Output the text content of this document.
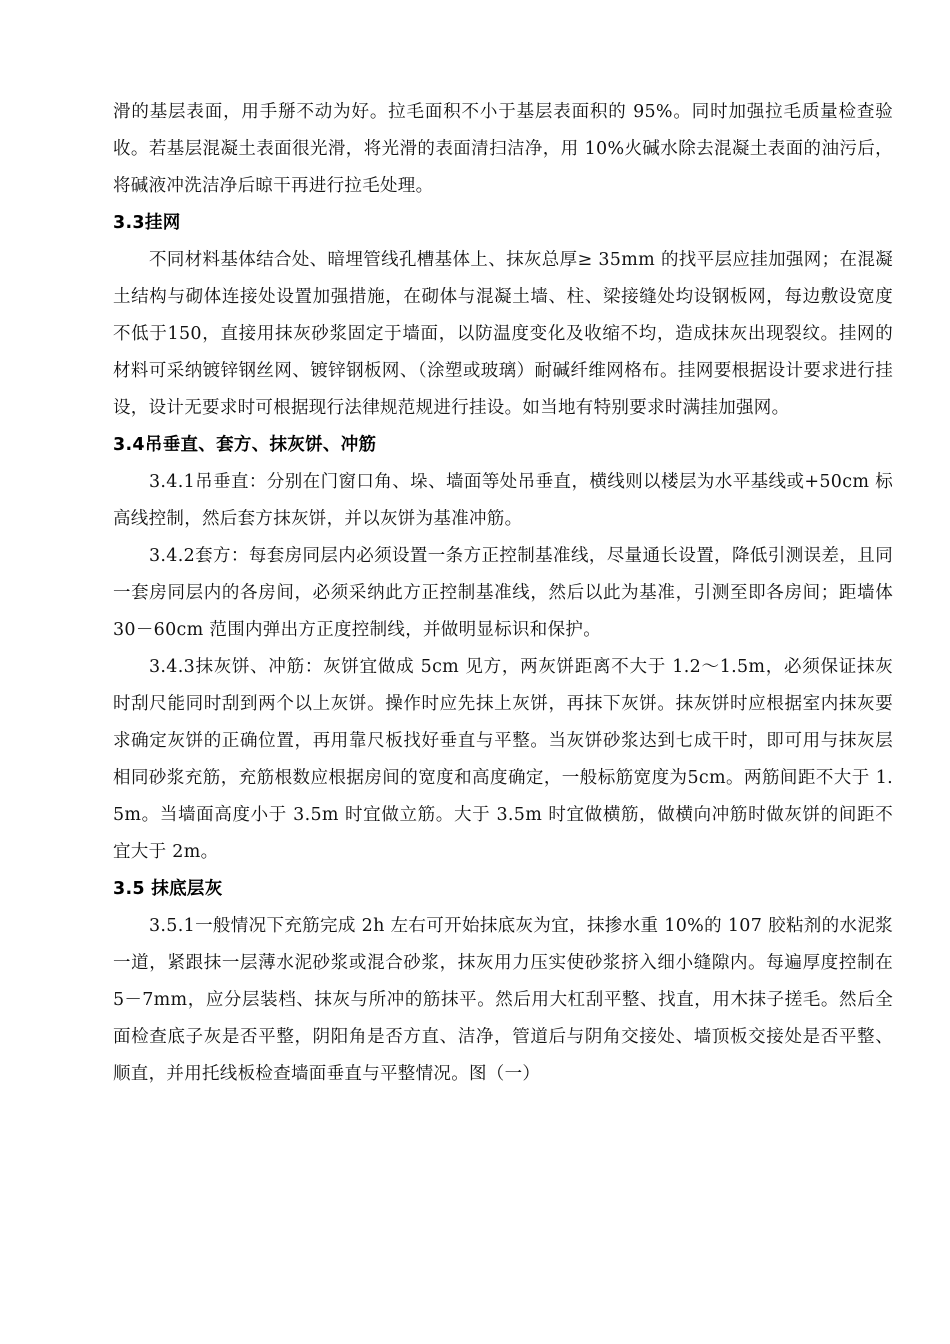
滑的基层表面，用手掰不动为好。拉毛面积不小于基层表面积的 95%。同时加强拉毛质量检查验收。若基层混凝土表面很光滑，将光滑的表面清扫洁净，用 10%火碱水除去混凝土表面的油污后，将碱液冲洗洁净后晾干再进行拉毛处理。

3.3挂网

不同材料基体结合处、暗埋管线孔槽基体上、抹灰总厚≥ 35mm 的找平层应挂加强网；在混凝土结构与砌体连接处设置加强措施，在砌体与混凝土墙、柱、梁接缝处均设钢板网，每边敷设宽度不低于150，直接用抹灰砂浆固定于墙面，以防温度变化及收缩不均，造成抹灰出现裂纹。挂网的材料可采纳镀锌钢丝网、镀锌钢板网、（涂塑或玻璃）耐碱纤维网格布。挂网要根据设计要求进行挂设，设计无要求时可根据现行法律规范规进行挂设。如当地有特别要求时满挂加强网。

3.4吊垂直、套方、抹灰饼、冲筋

3.4.1吊垂直：分别在门窗口角、垛、墙面等处吊垂直，横线则以楼层为水平基线或+50cm 标高线控制，然后套方抹灰饼，并以灰饼为基准冲筋。

3.4.2套方：每套房同层内必须设置一条方正控制基准线，尽量通长设置，降低引测误差，且同一套房同层内的各房间，必须采纳此方正控制基准线，然后以此为基准，引测至即各房间；距墙体 30－60cm 范围内弹出方正度控制线，并做明显标识和保护。

3.4.3抹灰饼、冲筋：灰饼宜做成 5cm 见方，两灰饼距离不大于 1.2～1.5m，必须保证抹灰时刮尺能同时刮到两个以上灰饼。操作时应先抹上灰饼，再抹下灰饼。抹灰饼时应根据室内抹灰要求确定灰饼的正确位置，再用靠尺板找好垂直与平整。当灰饼砂浆达到七成干时，即可用与抹灰层相同砂浆充筋，充筋根数应根据房间的宽度和高度确定，一般标筋宽度为5cm。两筋间距不大于 1.5m。当墙面高度小于 3.5m 时宜做立筋。大于 3.5m 时宜做横筋，做横向冲筋时做灰饼的间距不宜大于 2m。

3.5 抹底层灰

3.5.1一般情况下充筋完成 2h 左右可开始抹底灰为宜，抹掺水重 10%的 107 胶粘剂的水泥浆一道，紧跟抹一层薄水泥砂浆或混合砂浆，抹灰用力压实使砂浆挤入细小缝隙内。每遍厚度控制在 5－7mm，应分层装档、抹灰与所冲的筋抹平。然后用大杠刮平整、找直，用木抹子搓毛。然后全面检查底子灰是否平整，阴阳角是否方直、洁净，管道后与阴角交接处、墙顶板交接处是否平整、顺直，并用托线板检查墙面垂直与平整情况。图（一）
